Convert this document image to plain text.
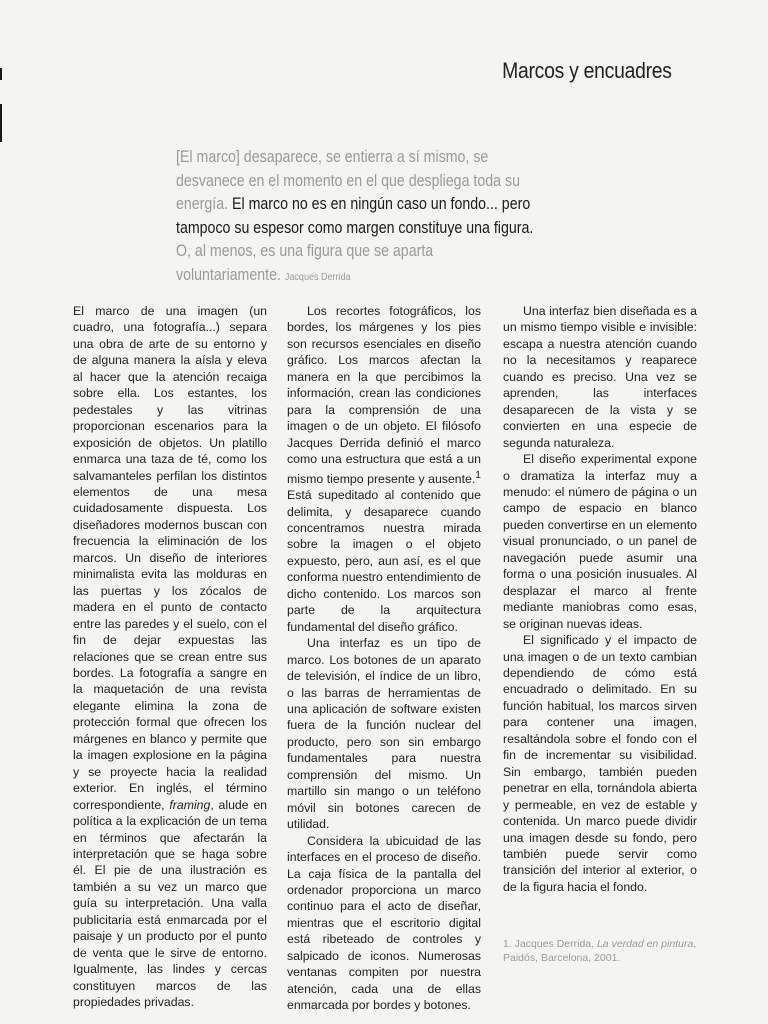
Marcos y encuadres
[El marco] desaparece, se entierra a sí mismo, se desvanece en el momento en el que despliega toda su energía. El marco no es en ningún caso un fondo... pero tampoco su espesor como margen constituye una figura. O, al menos, es una figura que se aparta voluntariamente. Jacques Derrida

El marco de una imagen (un cuadro, una fotografía...) separa una obra de arte de su entorno y de alguna manera la aísla y eleva al hacer que la atención recaiga sobre ella. Los estantes, los pedestales y las vitrinas proporcionan escenarios para la exposición de objetos. Un platillo enmarca una taza de té, como los salvamanteles perfilan los distintos elementos de una mesa cuidadosamente dispuesta. Los diseñadores modernos buscan con frecuencia la eliminación de los marcos. Un diseño de interiores minimalista evita las molduras en las puertas y los zócalos de madera en el punto de contacto entre las paredes y el suelo, con el fin de dejar expuestas las relaciones que se crean entre sus bordes. La fotografía a sangre en la maquetación de una revista elegante elimina la zona de protección formal que ofrecen los márgenes en blanco y permite que la imagen explosione en la página y se proyecte hacia la realidad exterior. En inglés, el término correspondiente, framing, alude en política a la explicación de un tema en términos que afectarán la interpretación que se haga sobre él. El pie de una ilustración es también a su vez un marco que guía su interpretación. Una valla publicitaria está enmarcada por el paisaje y un producto por el punto de venta que le sirve de entorno. Igualmente, las lindes y cercas constituyen marcos de las propiedades privadas.

Los recortes fotográficos, los bordes, los márgenes y los pies son recursos esenciales en diseño gráfico. Los marcos afectan la manera en la que percibimos la información, crean las condiciones para la comprensión de una imagen o de un objeto. El filósofo Jacques Derrida definió el marco como una estructura que está a un mismo tiempo presente y ausente.$^1$ Está supeditado al contenido que delimita, y desaparece cuando concentramos nuestra mirada sobre la imagen o el objeto expuesto, pero, aun así, es el que conforma nuestro entendimiento de dicho contenido. Los marcos son parte de la arquitectura fundamental del diseño gráfico.

Una interfaz es un tipo de marco. Los botones de un aparato de televisión, el índice de un libro, o las barras de herramientas de una aplicación de software existen fuera de la función nuclear del producto, pero son sin embargo fundamentales para nuestra comprensión del mismo. Un martillo sin mango o un teléfono móvil sin botones carecen de utilidad.

Considera la ubicuidad de las interfaces en el proceso de diseño. La caja física de la pantalla del ordenador proporciona un marco continuo para el acto de diseñar, mientras que el escritorio digital está ribeteado de controles y salpicado de iconos. Numerosas ventanas compiten por nuestra atención, cada una de ellas enmarcada por bordes y botones.

Una interfaz bien diseñada es a un mismo tiempo visible e invisible: escapa a nuestra atención cuando no la necesitamos y reaparece cuando es preciso. Una vez se aprenden, las interfaces desaparecen de la vista y se convierten en una especie de segunda naturaleza.

El diseño experimental expone o dramatiza la interfaz muy a menudo: el número de página o un campo de espacio en blanco pueden convertirse en un elemento visual pronunciado, o un panel de navegación puede asumir una forma o una posición inusuales. Al desplazar el marco al frente mediante maniobras como esas, se originan nuevas ideas.

El significado y el impacto de una imagen o de un texto cambian dependiendo de cómo está encuadrado o delimitado. En su función habitual, los marcos sirven para contener una imagen, resaltándola sobre el fondo con el fin de incrementar su visibilidad. Sin embargo, también pueden penetrar en ella, tornándola abierta y permeable, en vez de estable y contenida. Un marco puede dividir una imagen desde su fondo, pero también puede servir como transición del interior al exterior, o de la figura hacia el fondo.

1. Jacques Derrida, La verdad en pintura, Paidós, Barcelona, 2001.
